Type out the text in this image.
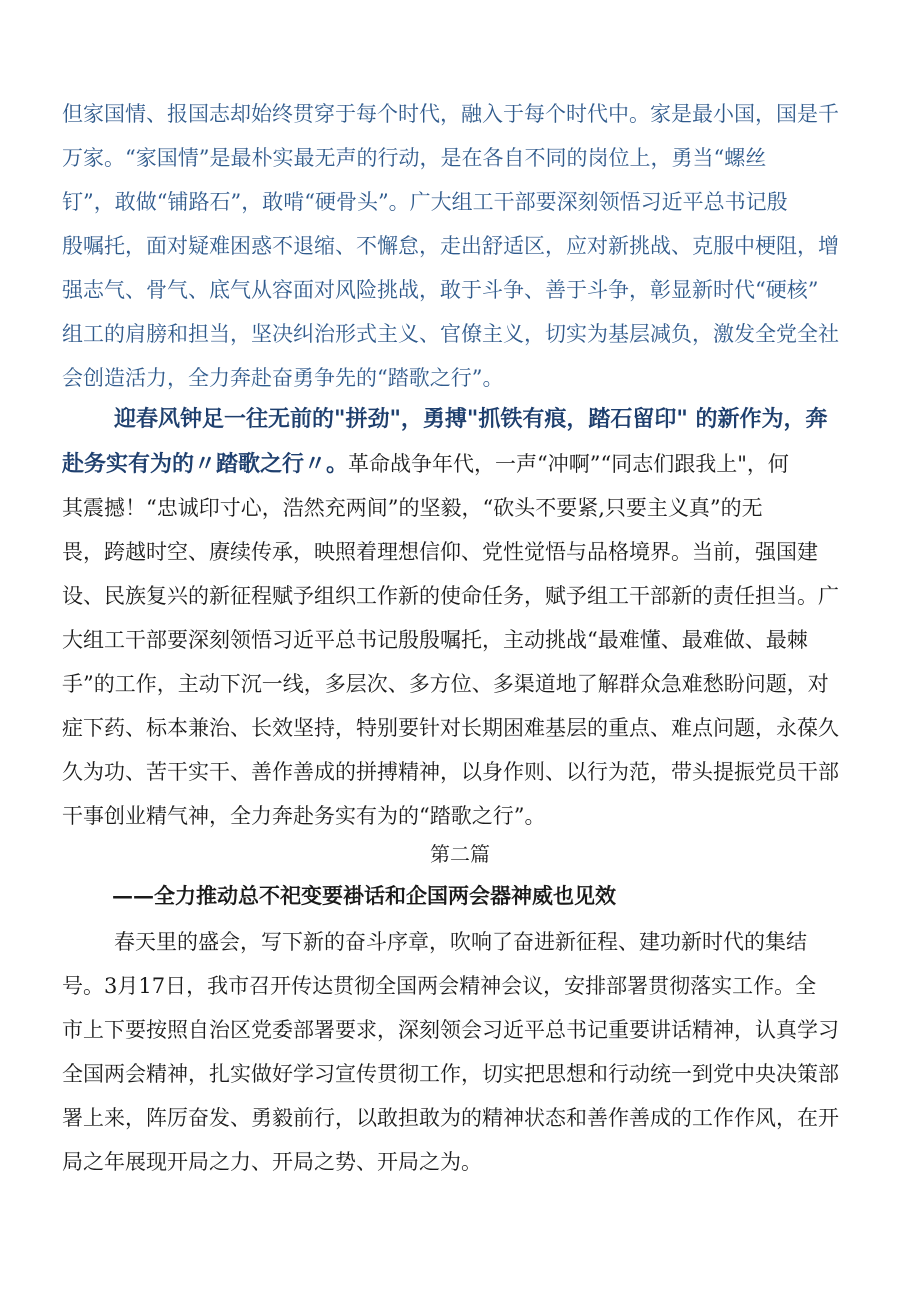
但家国情、报国志却始终贯穿于每个时代，融入于每个时代中。家是最小国，国是千
万家。“家国情”是最朴实最无声的行动，是在各自不同的岗位上，勇当“螺丝
钉”，敢做“铺路石”，敢啃“硬骨头”。广大组工干部要深刻领悟习近平总书记殷
殷嘱托，面对疑难困惑不退缩、不懈怠，走出舒适区，应对新挑战、克服中梗阻，增
强志气、骨气、底气从容面对风险挑战，敢于斗争、善于斗争，彰显新时代“硬核”
组工的肩膀和担当，坚决纠治形式主义、官僚主义，切实为基层减负，激发全党全社
会创造活力，全力奔赴奋勇争先的“踏歌之行”。
迎春风钟足一往无前的"拼劲"，勇搏"抓铁有痕，踏石留印" 的新作为，奔
赴务实有为的〃踏歌之行〃。革命战争年代，一声“冲啊”“同志们跟我上"，何
其震撼！“忠诚印寸心，浩然充两间”的坚毅，“砍头不要紧,只要主义真”的无
畏，跨越时空、赓续传承，映照着理想信仰、党性觉悟与品格境界。当前，强国建
设、民族复兴的新征程赋予组织工作新的使命任务，赋予组工干部新的责任担当。广
大组工干部要深刻领悟习近平总书记殷殷嘱托，主动挑战“最难懂、最难做、最棘
手”的工作，主动下沉一线，多层次、多方位、多渠道地了解群众急难愁盼问题，对
症下药、标本兼治、长效坚持，特别要针对长期困难基层的重点、难点问题，永葆久
久为功、苦干实干、善作善成的拼搏精神，以身作则、以行为范，带头提振党员干部
干事创业精气神，全力奔赴务实有为的“踏歌之行”。
第二篇
——全力推动总不祀变要褂话和企国两会器神威也见效
春天里的盛会，写下新的奋斗序章，吹响了奋进新征程、建功新时代的集结
号。3月17日，我市召开传达贯彻全国两会精神会议，安排部署贯彻落实工作。全
市上下要按照自治区党委部署要求，深刻领会习近平总书记重要讲话精神，认真学习
全国两会精神，扎实做好学习宣传贯彻工作，切实把思想和行动统一到党中央决策部
署上来，阵厉奋发、勇毅前行，以敢担敢为的精神状态和善作善成的工作作风，在开
局之年展现开局之力、开局之势、开局之为。
